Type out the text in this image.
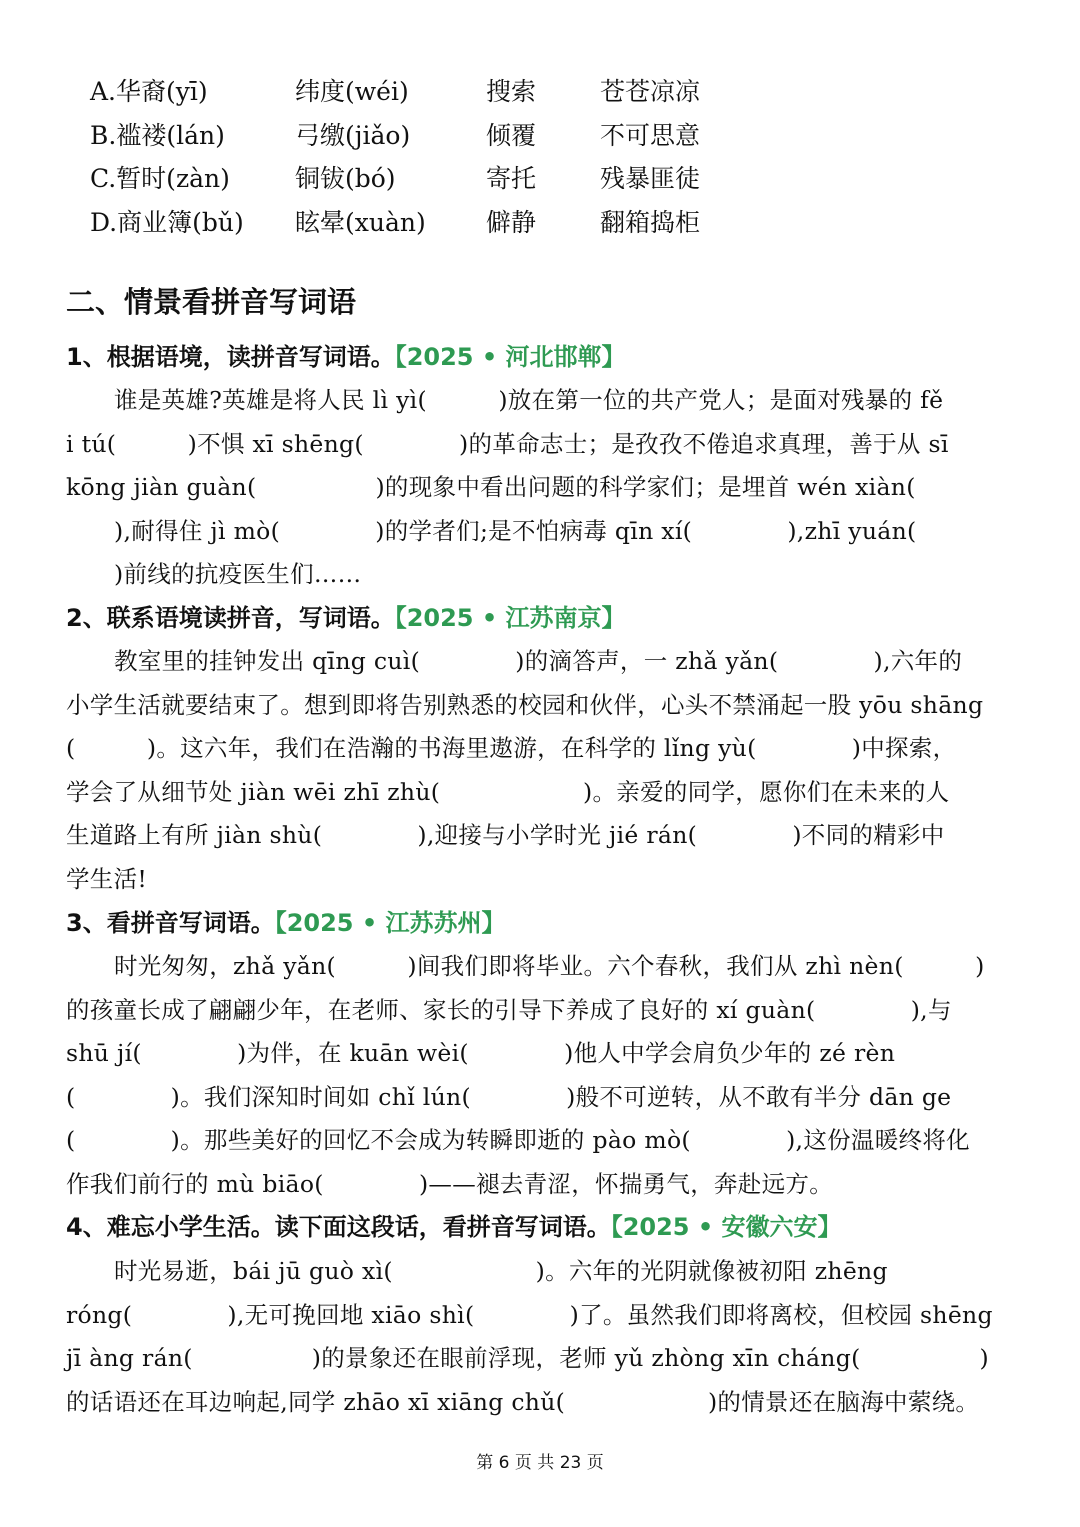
A.华裔(yī)	纬度(wéi)	搜索	苍苍凉凉
B.褴褛(lán)	弓缴(jiǎo)	倾覆	不可思意
C.暂时(zàn)	铜钹(bó)	寄托	残暴匪徒
D.商业簿(bǔ) 眩晕(xuàn) 僻静	翻箱捣柜
二、情景看拼音写词语
1、根据语境，读拼音写词语。【2025 • 河北邯郸】
谁是英雄?英雄是将人民 lì yì(　　　)放在第一位的共产党人；是面对残暴的 fě
i tú(　　　)不惧 xī shēng(　　　　)的革命志士；是孜孜不倦追求真理，善于从 sī
kōng jiàn guàn(　　　　　)的现象中看出问题的科学家们；是埋首 wén xiàn(
),耐得住 jì mò(　　　　)的学者们;是不怕病毒 qīn xí(　　　　),zhī yuán(
)前线的抗疫医生们……
2、联系语境读拼音，写词语。【2025 • 江苏南京】
教室里的挂钟发出 qīng cuì(　　　　)的滴答声，一 zhǎ yǎn(　　　　),六年的
小学生活就要结束了。想到即将告别熟悉的校园和伙伴，心头不禁涌起一股 yōu shāng
(　　　)。这六年，我们在浩瀚的书海里遨游，在科学的 lǐng yù(　　　　)中探索，
学会了从细节处 jiàn wēi zhī zhù(　　　　　　)。亲爱的同学，愿你们在未来的人
生道路上有所 jiàn shù(　　　　),迎接与小学时光 jié rán(　　　　)不同的精彩中
学生活!
3、看拼音写词语。【2025 • 江苏苏州】
时光匆匆，zhǎ yǎn(　　　)间我们即将毕业。六个春秋，我们从 zhì nèn(　　　)
的孩童长成了翩翩少年，在老师、家长的引导下养成了良好的 xí guàn(　　　　),与
shū jí(　　　　)为伴，在 kuān wèi(　　　　)他人中学会肩负少年的 zé rèn
(　　　　)。我们深知时间如 chǐ lún(　　　　)般不可逆转，从不敢有半分 dān ge
(　　　　)。那些美好的回忆不会成为转瞬即逝的 pào mò(　　　　),这份温暖终将化
作我们前行的 mù biāo(　　　　)——褪去青涩，怀揣勇气，奔赴远方。
4、难忘小学生活。读下面这段话，看拼音写词语。【2025 • 安徽六安】
时光易逝，bái jū guò xì(　　　　　　)。六年的光阴就像被初阳 zhēng
róng(　　　　),无可挽回地 xiāo shì(　　　　)了。虽然我们即将离校，但校园 shēng
jī àng rán(　　　　　)的景象还在眼前浮现，老师 yǔ zhòng xīn cháng(　　　　　)
的话语还在耳边响起,同学 zhāo xī xiāng chǔ(　　　　　　)的情景还在脑海中萦绕。
第 6 页 共 23 页
